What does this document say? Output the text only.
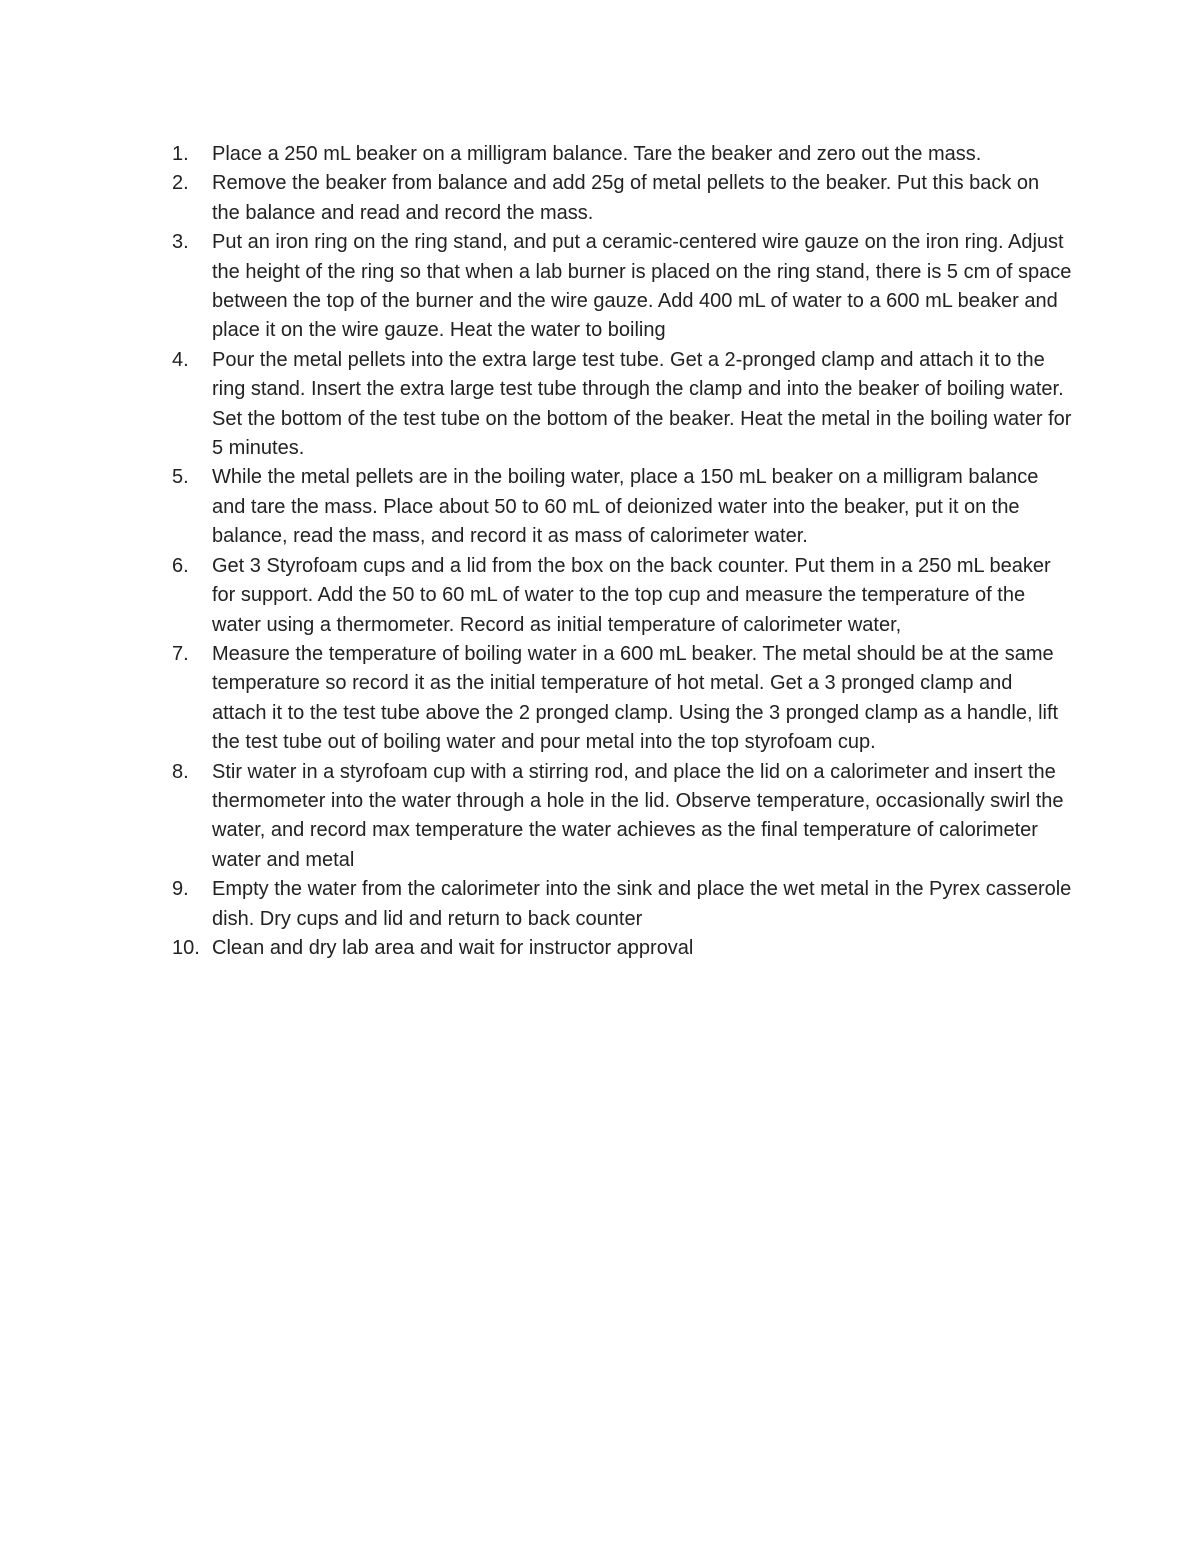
1.	Place a 250 mL beaker on a milligram balance. Tare the beaker and zero out the mass.
2.	Remove the beaker from balance and add 25g of metal pellets to the beaker. Put this back on the balance and read and record the mass.
3.	Put an iron ring on the ring stand, and put a ceramic-centered wire gauze on the iron ring. Adjust the height of the ring so that when a lab burner is placed on the ring stand, there is 5 cm of space between the top of the burner and the wire gauze. Add 400 mL of water to a 600 mL beaker and place it on the wire gauze. Heat the water to boiling
4.	Pour the metal pellets into the extra large test tube. Get a 2-pronged clamp and attach it to the ring stand. Insert the extra large test tube through the clamp and into the beaker of boiling water. Set the bottom of the test tube on the bottom of the beaker. Heat the metal in the boiling water for 5 minutes.
5.	While the metal pellets are in the boiling water, place a 150 mL beaker on a milligram balance and tare the mass. Place about 50 to 60 mL of deionized water into the beaker, put it on the balance, read the mass, and record it as mass of calorimeter water.
6.	Get 3 Styrofoam cups and a lid from the box on the back counter. Put them in a 250 mL beaker for support. Add the 50 to 60 mL of water to the top cup and measure the temperature of the water using a thermometer. Record as initial temperature of calorimeter water,
7.	Measure the temperature of boiling water in a 600 mL beaker. The metal should be at the same temperature so record it as the initial temperature of hot metal. Get a 3 pronged clamp and attach it to the test tube above the 2 pronged clamp. Using the 3 pronged clamp as a handle, lift the test tube out of boiling water and pour metal into the top styrofoam cup.
8.	Stir water in a styrofoam cup with a stirring rod, and place the lid on a calorimeter and insert the thermometer into the water through a hole in the lid. Observe temperature, occasionally swirl the water, and record max temperature the water achieves as the final temperature of calorimeter water and metal
9.	Empty the water from the calorimeter into the sink and place the wet metal in the Pyrex casserole dish. Dry cups and lid and return to back counter
10. Clean and dry lab area and wait for instructor approval
